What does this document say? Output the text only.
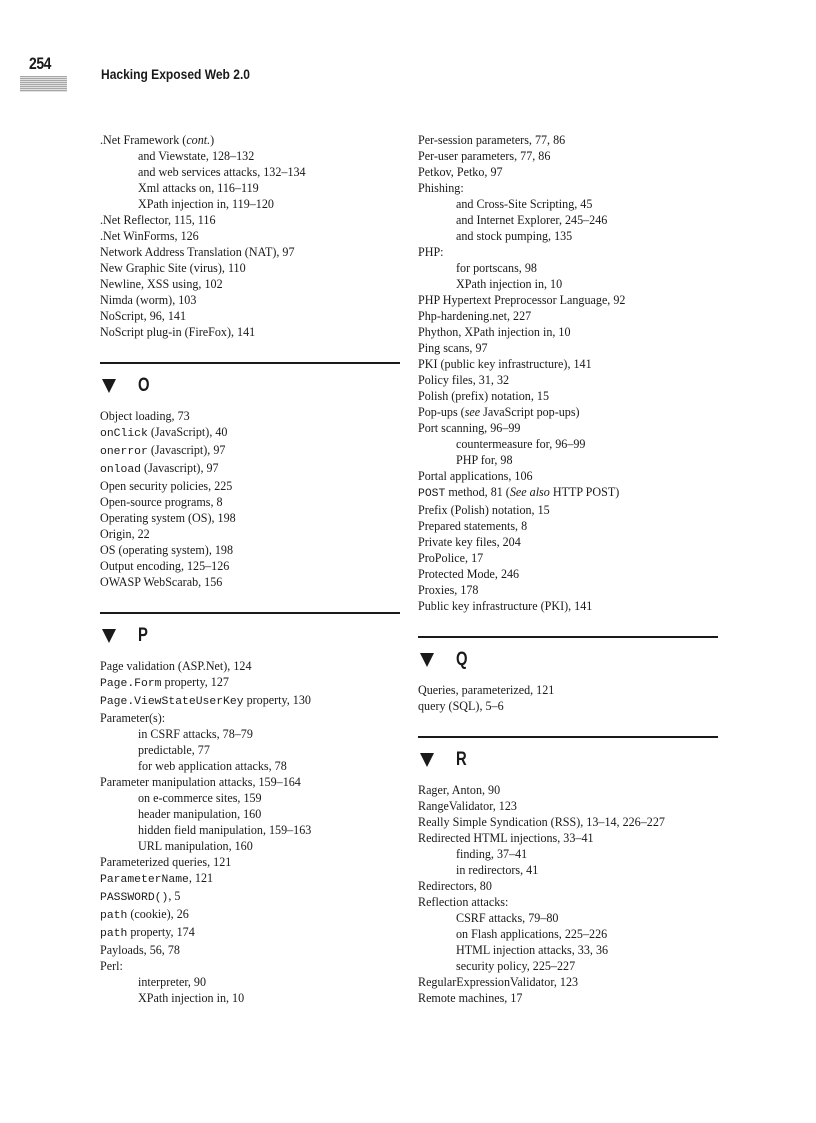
254
Hacking Exposed Web 2.0
.Net Framework (cont.)
and Viewstate, 128–132
and web services attacks, 132–134
Xml attacks on, 116–119
XPath injection in, 119–120
.Net Reflector, 115, 116
.Net WinForms, 126
Network Address Translation (NAT), 97
New Graphic Site (virus), 110
Newline, XSS using, 102
Nimda (worm), 103
NoScript, 96, 141
NoScript plug-in (FireFox), 141
O
Object loading, 73
onClick (JavaScript), 40
onerror (Javascript), 97
onload (Javascript), 97
Open security policies, 225
Open-source programs, 8
Operating system (OS), 198
Origin, 22
OS (operating system), 198
Output encoding, 125–126
OWASP WebScarab, 156
P
Page validation (ASP.Net), 124
Page.Form property, 127
Page.ViewStateUserKey property, 130
Parameter(s):
in CSRF attacks, 78–79
predictable, 77
for web application attacks, 78
Parameter manipulation attacks, 159–164
on e-commerce sites, 159
header manipulation, 160
hidden field manipulation, 159–163
URL manipulation, 160
Parameterized queries, 121
ParameterName, 121
PASSWORD(), 5
path (cookie), 26
path property, 174
Payloads, 56, 78
Perl:
interpreter, 90
XPath injection in, 10
Per-session parameters, 77, 86
Per-user parameters, 77, 86
Petkov, Petko, 97
Phishing:
and Cross-Site Scripting, 45
and Internet Explorer, 245–246
and stock pumping, 135
PHP:
for portscans, 98
XPath injection in, 10
PHP Hypertext Preprocessor Language, 92
Php-hardening.net, 227
Phython, XPath injection in, 10
Ping scans, 97
PKI (public key infrastructure), 141
Policy files, 31, 32
Polish (prefix) notation, 15
Pop-ups (see JavaScript pop-ups)
Port scanning, 96–99
countermeasure for, 96–99
PHP for, 98
Portal applications, 106
POST method, 81 (See also HTTP POST)
Prefix (Polish) notation, 15
Prepared statements, 8
Private key files, 204
ProPolice, 17
Protected Mode, 246
Proxies, 178
Public key infrastructure (PKI), 141
Q
Queries, parameterized, 121
query (SQL), 5–6
R
Rager, Anton, 90
RangeValidator, 123
Really Simple Syndication (RSS), 13–14, 226–227
Redirected HTML injections, 33–41
finding, 37–41
in redirectors, 41
Redirectors, 80
Reflection attacks:
CSRF attacks, 79–80
on Flash applications, 225–226
HTML injection attacks, 33, 36
security policy, 225–227
RegularExpressionValidator, 123
Remote machines, 17
